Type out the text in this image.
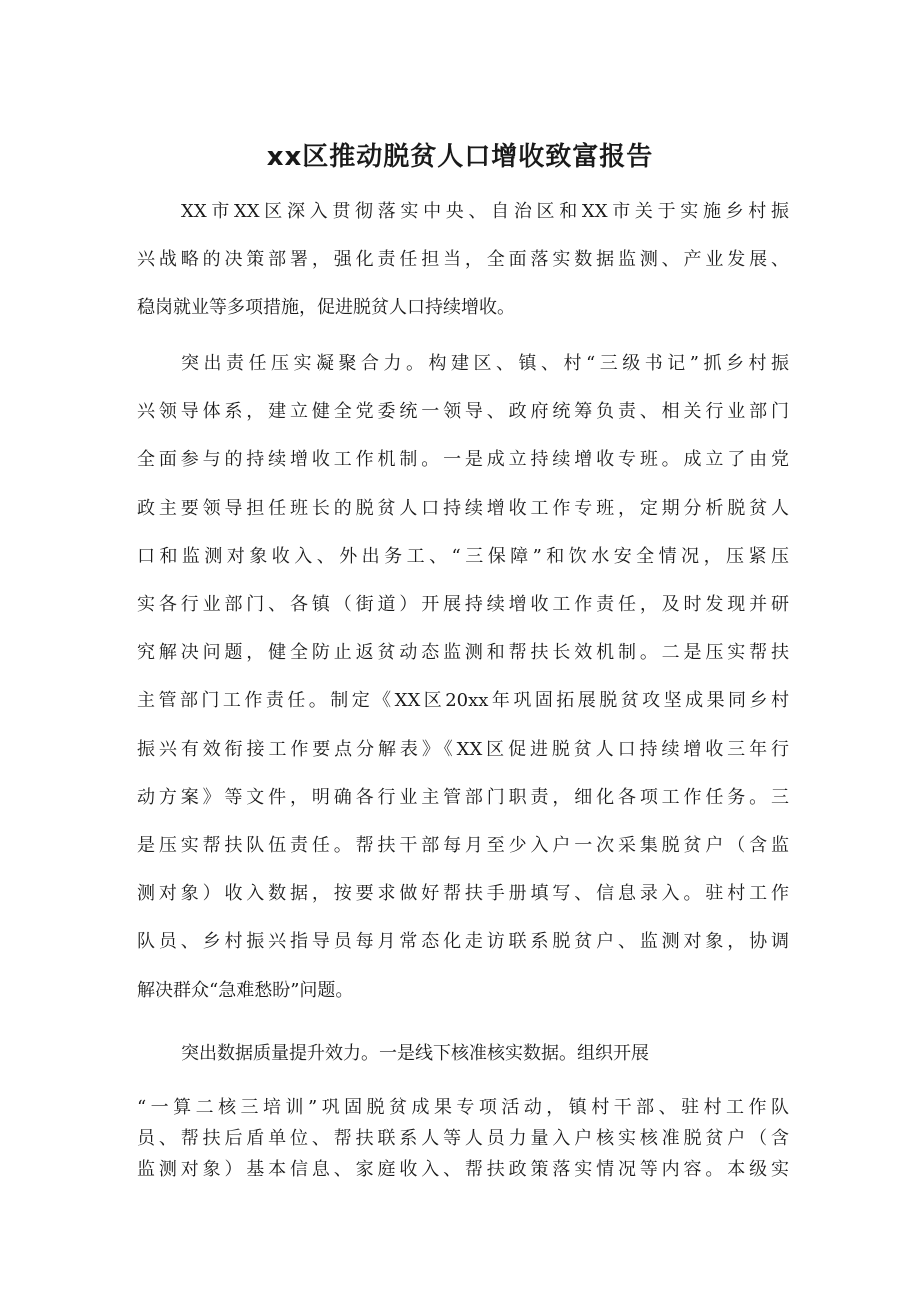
xx区推动脱贫人口增收致富报告
XX市XX区深入贯彻落实中央、自治区和XX市关于实施乡村振
兴战略的决策部署，强化责任担当，全面落实数据监测、产业发展、
稳岗就业等多项措施，促进脱贫人口持续增收。
突出责任压实凝聚合力。构建区、镇、村“三级书记”抓乡村振
兴领导体系，建立健全党委统一领导、政府统筹负责、相关行业部门
全面参与的持续增收工作机制。一是成立持续增收专班。成立了由党
政主要领导担任班长的脱贫人口持续增收工作专班，定期分析脱贫人
口和监测对象收入、外出务工、“三保障”和饮水安全情况，压紧压
实各行业部门、各镇（街道）开展持续增收工作责任，及时发现并研
究解决问题，健全防止返贫动态监测和帮扶长效机制。二是压实帮扶
主管部门工作责任。制定《XX区20xx年巩固拓展脱贫攻坚成果同乡村
振兴有效衔接工作要点分解表》《XX区促进脱贫人口持续增收三年行
动方案》等文件，明确各行业主管部门职责，细化各项工作任务。三
是压实帮扶队伍责任。帮扶干部每月至少入户一次采集脱贫户（含监
测对象）收入数据，按要求做好帮扶手册填写、信息录入。驻村工作
队员、乡村振兴指导员每月常态化走访联系脱贫户、监测对象，协调
解决群众“急难愁盼”问题。
突出数据质量提升效力。一是线下核准核实数据。组织开展
“一算二核三培训”巩固脱贫成果专项活动，镇村干部、驻村工作队
员、帮扶后盾单位、帮扶联系人等人员力量入户核实核准脱贫户（含
监测对象）基本信息、家庭收入、帮扶政策落实情况等内容。本级实
